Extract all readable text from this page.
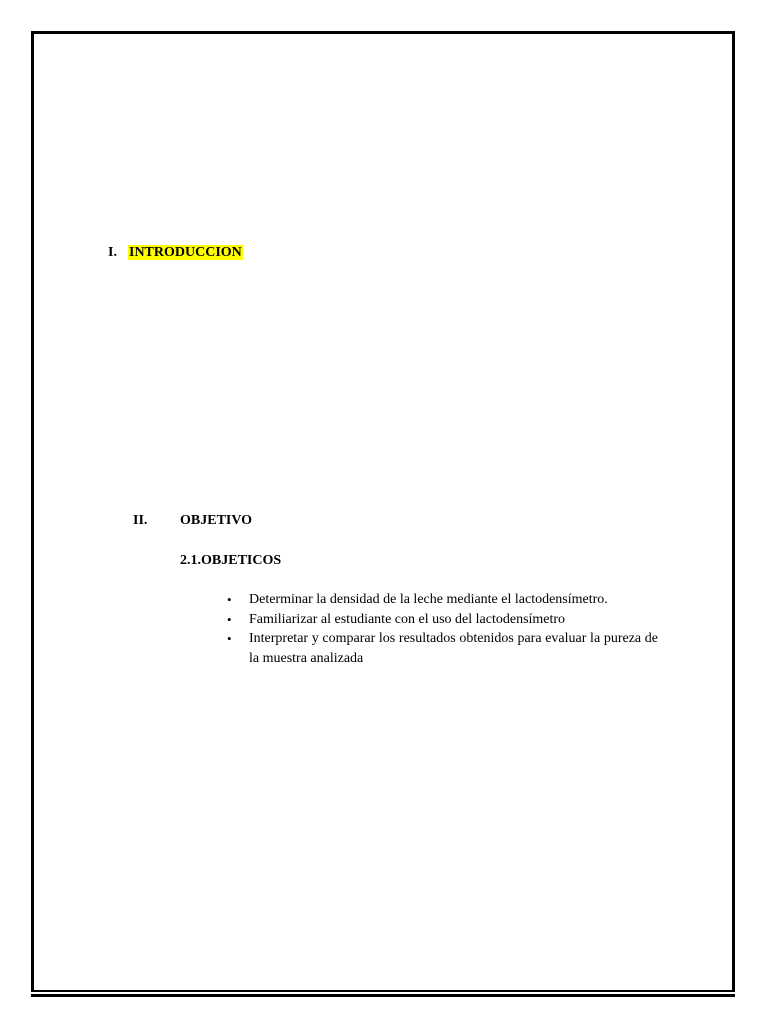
I. INTRODUCCION
II. OBJETIVO
2.1.OBJETICOS
• Determinar la densidad de la leche mediante el lactodensímetro.
• Familiarizar al estudiante con el uso del lactodensímetro
• Interpretar y comparar los resultados obtenidos para evaluar la pureza de la muestra analizada
